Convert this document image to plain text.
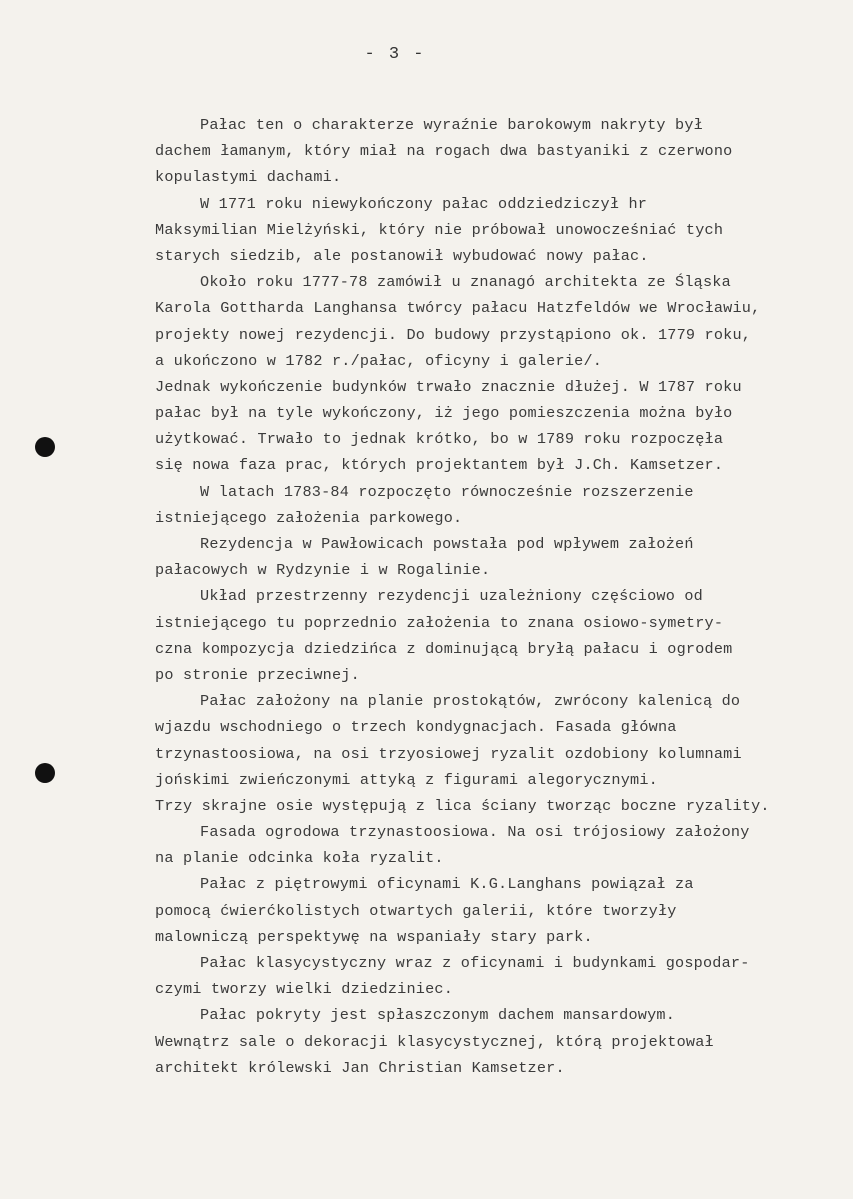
- 3 -
Pałac ten o charakterze wyraźnie barokowym nakryty był
dachem łamanym, który miał na rogach dwa bastyaniki z czerwono
kopulastymi dachami.
W 1771 roku niewykończony pałac oddziedziczył hr
Maksymilian Mielżyński, który nie próbował unowocześniać tych
starych siedzib, ale postanowił wybudować nowy pałac.
Około roku 1777-78 zamówił u znanagó architekta ze Śląska
Karola Gottharda Langhansa twórcy pałacu Hatzfeldów we Wrocławiu,
projekty nowej rezydencji. Do budowy przystąpiono ok. 1779 roku,
a ukończono w 1782 r./pałac, oficyny i galerie/.
Jednak wykończenie budynków trwało znacznie dłużej. W 1787 roku
pałac był na tyle wykończony, iż jego pomieszczenia można było
użytkować. Trwało to jednak krótko, bo w 1789 roku rozpoczęła
się nowa faza prac, których projektantem był J.Ch. Kamsetzer.
W latach 1783-84 rozpoczęto równocześnie rozszerzenie
istniejącego założenia parkowego.
Rezydencja w Pawłowicach powstała pod wpływem założeń
pałacowych w Rydzynie i w Rogalinie.
Układ przestrzenny rezydencji uzależniony częściowo od
istniejącego tu poprzednio założenia to znana osiowo-symetry-
czna kompozycja dziedzińca z dominującą bryłą pałacu i ogrodem
po stronie przeciwnej.
Pałac założony na planie prostokątów, zwrócony kalenicą do
wjazdu wschodniego o trzech kondygnacjach. Fasada główna
trzynastoosiowa, na osi trzyosiowej ryzalit ozdobiony kolumnami
jońskimi zwieńczonymi attyką z figurami alegorycznymi.
Trzy skrajne osie występują z lica ściany tworząc boczne ryzality.
Fasada ogrodowa trzynastoosiowa. Na osi trójosiowy założony
na planie odcinka koła ryzalit.
Pałac z piętrowymi oficynami K.G.Langhans powiązał za
pomocą ćwierćkolistych otwartych galerii, które tworzyły
malowniczą perspektywę na wspaniały stary park.
Pałac klasycystyczny wraz z oficynami i budynkami gospodar-
czymi tworzy wielki dziedziniec.
Pałac pokryty jest spłaszczonym dachem mansardowym.
Wewnątrz sale o dekoracji klasycystycznej, którą projektował
architekt królewski Jan Christian Kamsetzer.
